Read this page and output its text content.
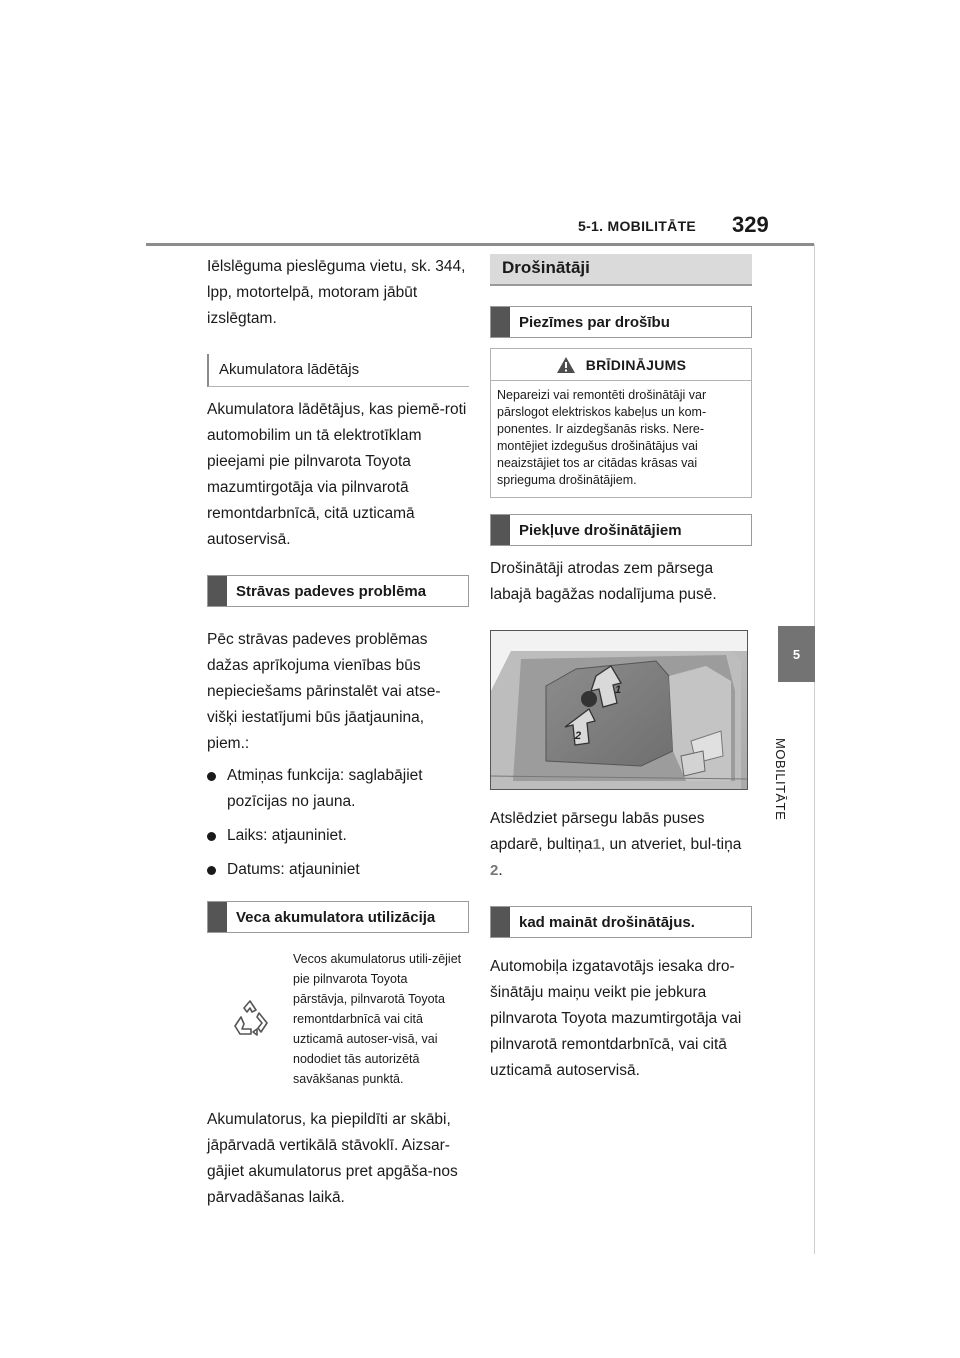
5-1. MOBILITĀTE 329
5
MOBILITĀTE

Iēlslēguma pieslēguma vietu, sk. 344, lpp, motortelpā, motoram jābūt izslēgtam.

Akumulatora lādētājs

Akumulatora lādētājus, kas piemē-roti automobilim un tā elektrotīklam pieejami pie pilnvarota Toyota mazumtirgotāja via pilnvarotā remontdarbnīcā, citā uzticamā autoservisā.

Strāvas padeves problēma

Pēc strāvas padeves problēmas dažas aprīkojuma vienības būs nepieciešams pārinstalēt vai atse-višķi iestatījumi būs jāatjaunina, piem.:

Atmiņas funkcija: saglabājiet pozīcijas no jauna.
Laiks: atjauniniet.
Datums: atjauniniet
Veca akumulatora utilizācija

Vecos akumulatorus utili-zējiet pie pilnvarota Toyota pārstāvja, pilnvarotā Toyota remontdarbnīcā vai citā uzticamā autoser-visā, vai nododiet tās autorizētā savākšanas punktā.

Akumulatorus, ka piepildīti ar skābi, jāpārvadā vertikālā stāvoklī. Aizsar-gājiet akumulatorus pret apgāša-nos pārvadāšanas laikā.

Drošinātāji
Piezīmes par drošību
BRĪDINĀJUMS

Nepareizi vai remontēti drošinātāji var pārslogot elektriskos kabeļus un kom-ponentes. Ir aizdegšanās risks. Nere-montējiet izdegušus drošinātājus vai neaizstājiet tos ar citādas krāsas vai sprieguma drošinātājiem.

Piekļuve drošinātājiem

Drošinātāji atrodas zem pārsega labajā bagāžas nodalījuma pusē.

1
2

Atslēdziet pārsegu labās puses apdarē, bultiņa1, un atveriet, bul-tiņa 2.

kad maināt drošinātājus.

Automobiļa izgatavotājs iesaka dro-šinātāju maiņu veikt pie jebkura pilnvarota Toyota mazumtirgotāja vai pilnvarotā remontdarbnīcā, vai citā uzticamā autoservisā.
